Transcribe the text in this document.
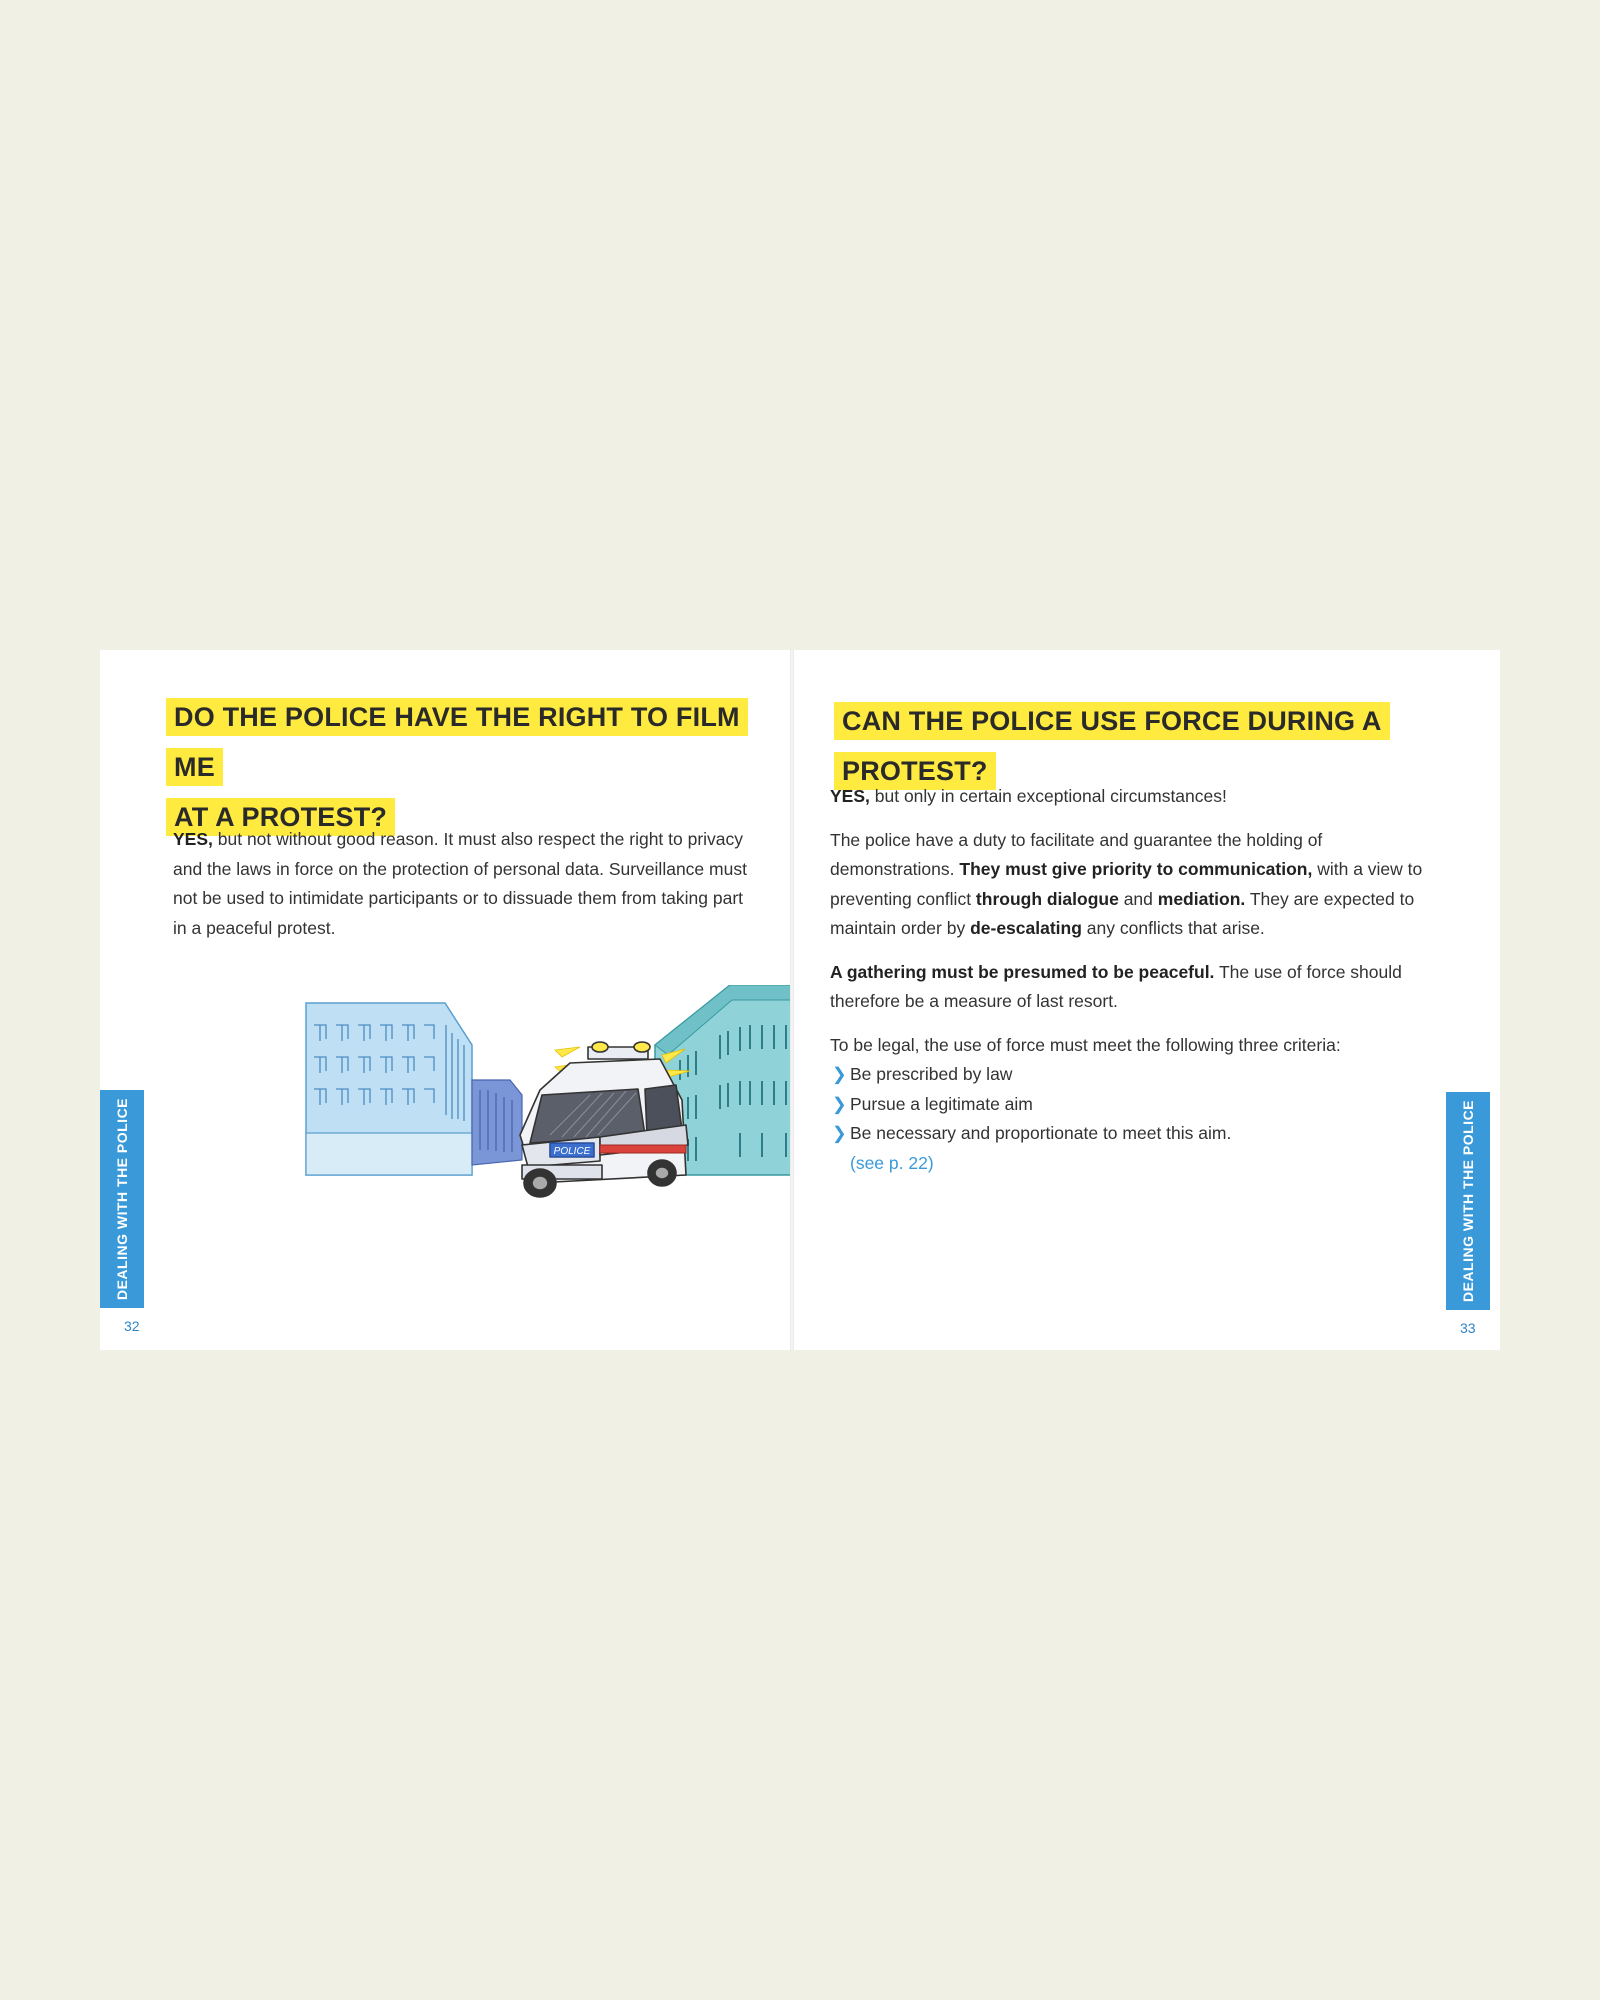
DO THE POLICE HAVE THE RIGHT TO FILM ME
AT A PROTEST?

YES, but not without good reason. It must also respect the right to privacy and the laws in force on the protection of personal data. Surveillance must not be used to intimidate participants or to dissuade them from taking part in a peaceful protest.

POLICE
DEALING WITH THE POLICE
32
CAN THE POLICE USE FORCE DURING A PROTEST?

YES, but only in certain exceptional circumstances!

The police have a duty to facilitate and guarantee the holding of demonstrations. They must give priority to communication, with a view to preventing conflict through dialogue and mediation. They are expected to maintain order by de-escalating any conflicts that arise.

A gathering must be presumed to be peaceful. The use of force should therefore be a measure of last resort.

To be legal, the use of force must meet the following three criteria:

❯ Be prescribed by law
❯ Pursue a legitimate aim
❯ Be necessary and proportionate to meet this aim.
(see p. 22)	DEALING WITH THE POLICE
33
